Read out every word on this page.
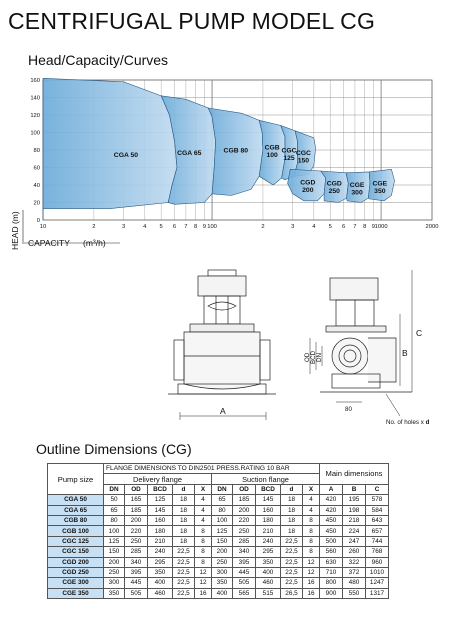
CENTRIFUGAL PUMP MODEL CG
Head/Capacity/Curves
CGA 50	CGA 65	CGB 80 CGB 100
CGC 125
CGC 150
CGD 200
CGD 250
CGE 300
CGE 350
0
20
40
60
80
100
120
140
160
10	2	3	4 5 6 7 8 9 100	2	3	4 5 6 7 8 9 1000	2000
CAPACITY (m³/h)
HEAD (m)
A
C
B
80
OD BCD DN
No. of holes x d
Outline Dimensions (CG)
Pump size	FLANGE DIMENSIONS TO DIN2501 PRESS.RATING 10 BAR										Main dimensions		
	Delivery flange					Suction flange							
	DN	OD	BCD	d	X	DN	OD	BCD	d	X	A	B	C
CGA 50	50	165	125	18	4	65	185	145	18	4	420	195	578
CGA 65	65	185	145	18	4	80	200	160	18	4	420	198	584
CGB 80	80	200	160	18	4	100	220	180	18	8	450	218	643
CGB 100	100	220	180	18	8	125	250	210	18	8	450	224	657
CGC 125	125	250	210	18	8	150	285	240	22,5	8	500	247	744
CGC 150	150	285	240	22,5	8	200	340	295	22,5	8	560	260	768
CGD 200	200	340	295	22,5	8	250	395	350	22,5	12	630	322	960
CGD 250	250	395	350	22,5	12	300	445	400	22,5	12	710	372	1010
CGE 300	300	445	400	22,5	12	350	505	460	22,5	16	800	480	1247
CGE 350	350	505	460	22,5	16	400	565	515	26,5	16	900	550	1317
